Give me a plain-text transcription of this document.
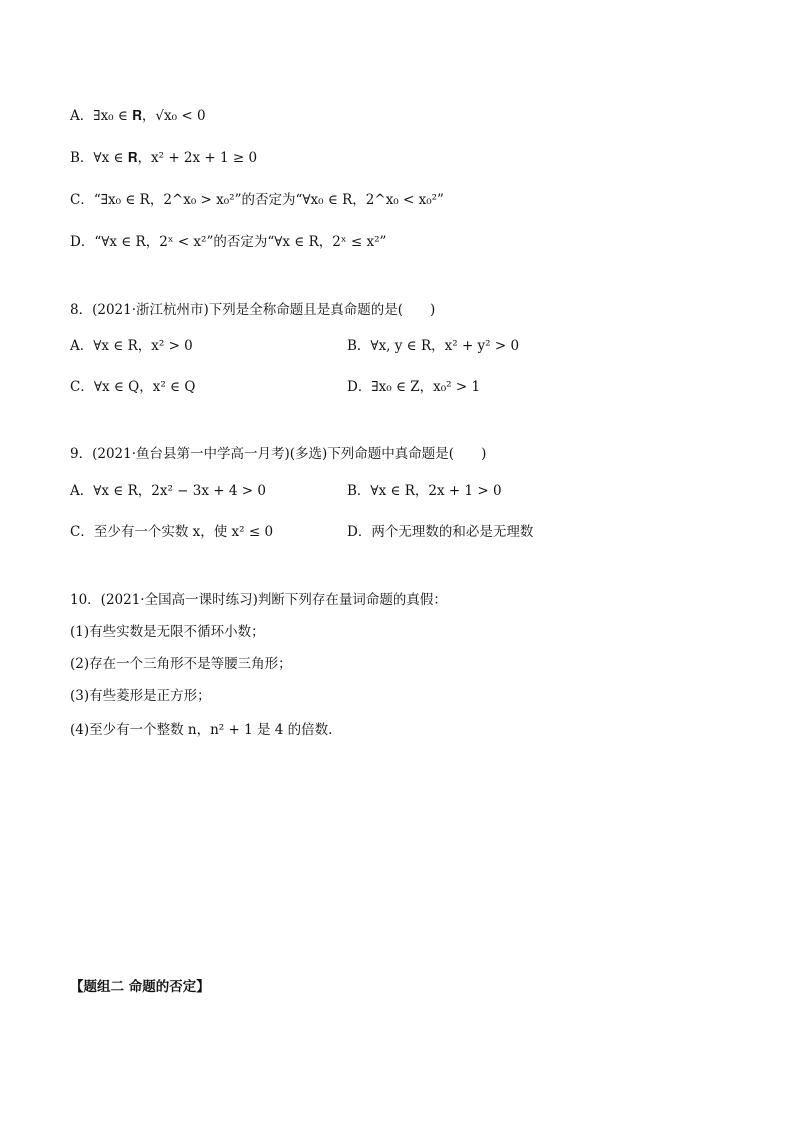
A．∃x₀ ∈ 𝐑，√x₀ < 0
B．∀x ∈ 𝐑，x² + 2x + 1 ≥ 0
C．“∃x₀ ∈ R，2^x₀ > x₀²”的否定为“∀x₀ ∈ R，2^x₀ < x₀²”
D．“∀x ∈ R，2ˣ < x²”的否定为“∀x ∈ R，2ˣ ≤ x²”
8．(2021·浙江杭州市)下列是全称命题且是真命题的是(　　)
A．∀x ∈ R，x² > 0	B．∀x, y ∈ R，x² + y² > 0
C．∀x ∈ Q，x² ∈ Q	D．∃x₀ ∈ Z，x₀² > 1
9．(2021·鱼台县第一中学高一月考)(多选)下列命题中真命题是(　　)
A．∀x ∈ R，2x² − 3x + 4 > 0	B．∀x ∈ R，2x + 1 > 0
C．至少有一个实数 x，使 x² ≤ 0	D．两个无理数的和必是无理数
10．(2021·全国高一课时练习)判断下列存在量词命题的真假：
(1)有些实数是无限不循环小数；
(2)存在一个三角形不是等腰三角形；
(3)有些菱形是正方形；
(4)至少有一个整数 n，n² + 1 是 4 的倍数.
【题组二 命题的否定】
